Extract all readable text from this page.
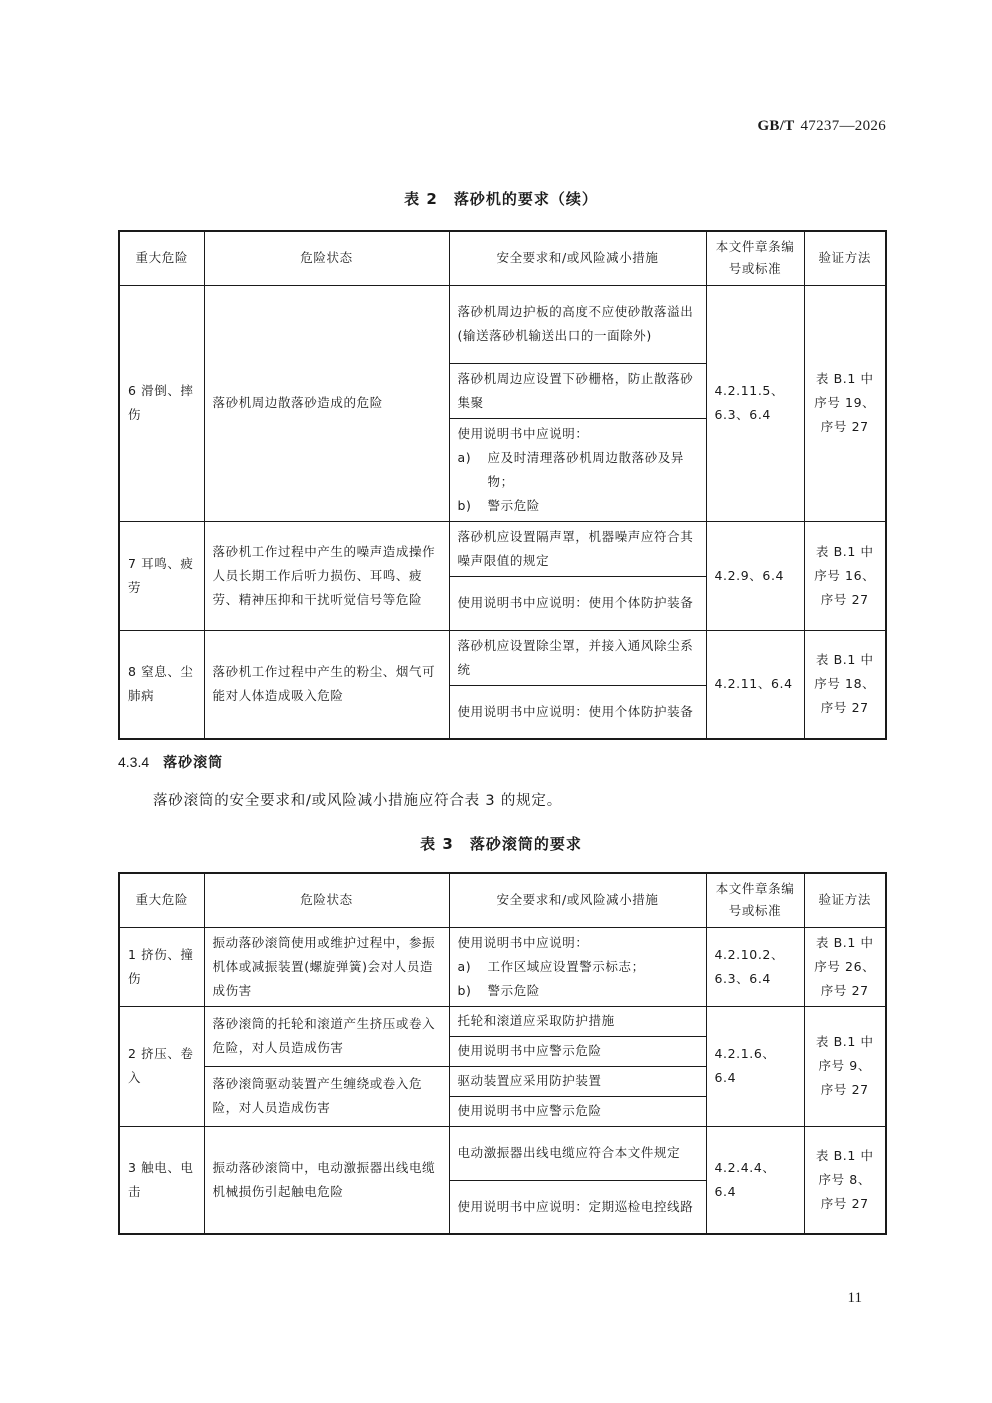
GB/T 47237—2026
表 2　落砂机的要求（续）
重大危险	危险状态	安全要求和/或风险减小措施	本文件章条编号或标准	验证方法
6 滑倒、摔伤	落砂机周边散落砂造成的危险	落砂机周边护板的高度不应使砂散落溢出(输送落砂机输送出口的一面除外)	4.2.11.5、6.3、6.4	表 B.1 中序号 19、序号 27
		落砂机周边应设置下砂栅格，防止散落砂集聚		

		使用说明书中应说明：
a) 应及时清理落砂机周边散落砂及异物；
b) 警示危险		

7 耳鸣、疲劳	落砂机工作过程中产生的噪声造成操作人员长期工作后听力损伤、耳鸣、疲劳、精神压抑和干扰听觉信号等危险	落砂机应设置隔声罩，机器噪声应符合其噪声限值的规定	4.2.9、6.4	表 B.1 中序号 16、序号 27
		使用说明书中应说明：使用个体防护装备		
8 窒息、尘肺病	落砂机工作过程中产生的粉尘、烟气可能对人体造成吸入危险	落砂机应设置除尘罩，并接入通风除尘系统	4.2.11、6.4	表 B.1 中序号 18、序号 27
		使用说明书中应说明：使用个体防护装备		
4.3.4 落砂滚筒
落砂滚筒的安全要求和/或风险减小措施应符合表 3 的规定。
表 3　落砂滚筒的要求
重大危险	危险状态	安全要求和/或风险减小措施	本文件章条编号或标准	验证方法
1 挤伤、撞伤	振动落砂滚筒使用或维护过程中，参振机体或减振装置(螺旋弹簧)会对人员造成伤害	使用说明书中应说明：
a) 工作区域应设置警示标志；
b) 警示危险	4.2.10.2、6.3、6.4	表 B.1 中序号 26、序号 27
2 挤压、卷入	落砂滚筒的托轮和滚道产生挤压或卷入危险，对人员造成伤害	托轮和滚道应采取防护措施	4.2.1.6、6.4	表 B.1 中序号 9、序号 27
		使用说明书中应警示危险		
	落砂滚筒驱动装置产生缠绕或卷入危险，对人员造成伤害	驱动装置应采用防护装置		
		使用说明书中应警示危险		
3 触电、电击	振动落砂滚筒中，电动激振器出线电缆机械损伤引起触电危险	电动激振器出线电缆应符合本文件规定	4.2.4.4、6.4	表 B.1 中序号 8、序号 27
		使用说明书中应说明：定期巡检电控线路		
11
